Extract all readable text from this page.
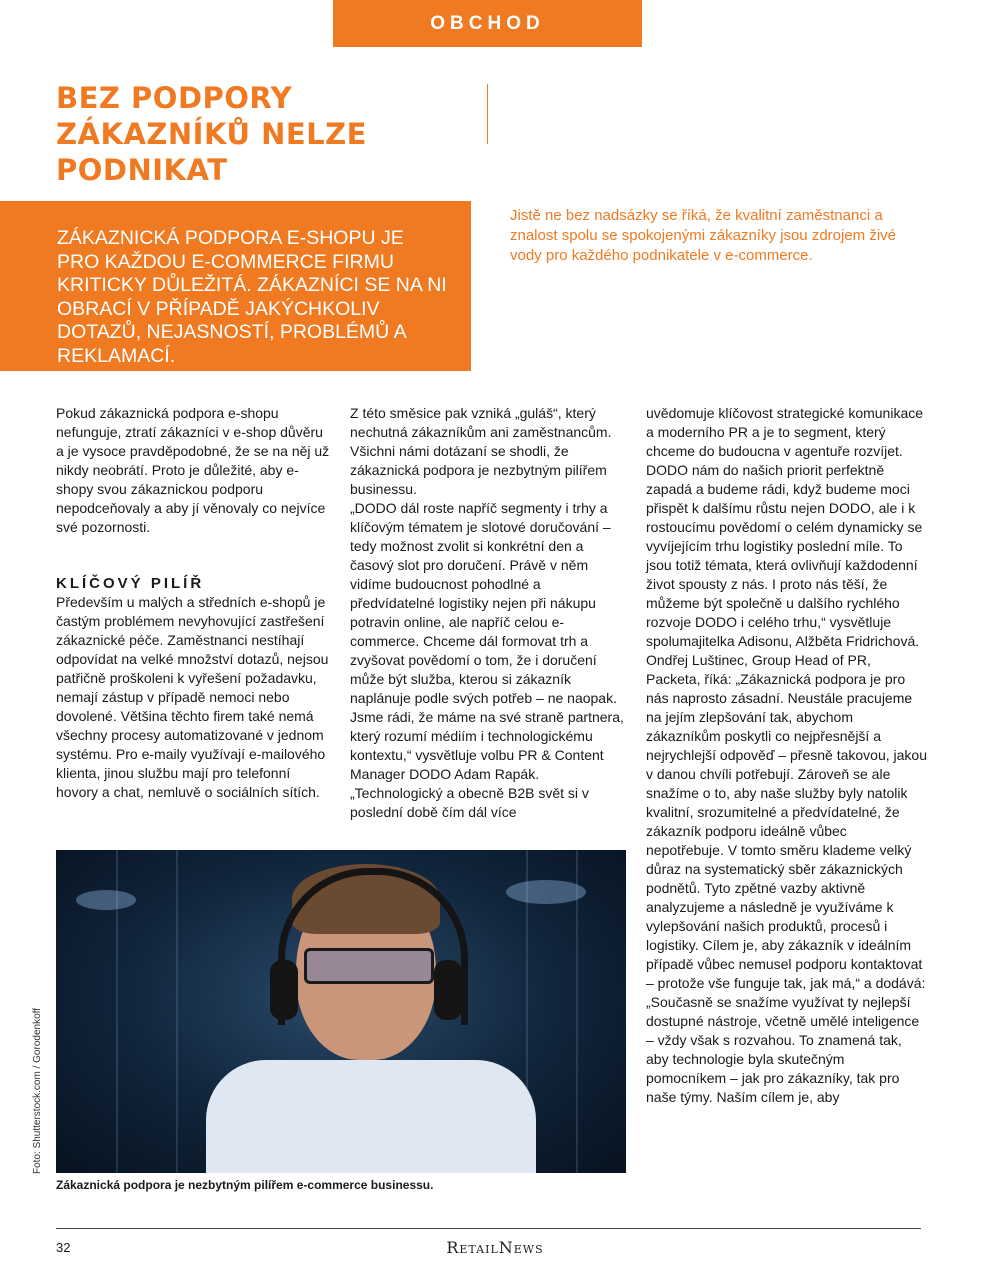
OBCHOD
BEZ PODPORY ZÁKAZNÍKŮ NELZE PODNIKAT

ZÁKAZNICKÁ PODPORA E-SHOPU JE PRO KAŽDOU E-COMMERCE FIRMU KRITICKY DŮLEŽITÁ. ZÁKAZNÍCI SE NA NI OBRACÍ V PŘÍPADĚ JAKÝCHKOLIV DOTAZŮ, NEJASNOSTÍ, PROBLÉMŮ A REKLAMACÍ.

Jistě ne bez nadsázky se říká, že kvalitní zaměstnanci a znalost spolu se spokojenými zákazníky jsou zdrojem živé vody pro každého podnikatele v e-commerce.

Pokud zákaznická podpora e-shopu nefunguje, ztratí zákazníci v e-shop důvěru a je vysoce pravděpodobné, že se na něj už nikdy neobrátí. Proto je důležité, aby e-shopy svou zákaznickou podporu nepodceňovaly a aby jí věnovaly co nejvíce své pozornosti.

KLÍČOVÝ PILÍŘ

Především u malých a středních e-shopů je častým problémem nevyhovující zastřešení zákaznické péče. Zaměstnanci nestíhají odpovídat na velké množství dotazů, nejsou patřičně proškoleni k vyřešení požadavku, nemají zástup v případě nemoci nebo dovolené. Většina těchto firem také nemá všechny procesy automatizované v jednom systému. Pro e-maily využívají e-mailového klienta, jinou službu mají pro telefonní hovory a chat, nemluvě o sociálních sítích.

Z této směsice pak vzniká „guláš“, který nechutná zákazníkům ani zaměstnancům. Všichni námi dotázaní se shodli, že zákaznická podpora je nezbytným pilířem businessu.

„DODO dál roste napříč segmenty i trhy a klíčovým tématem je slotové doručování – tedy možnost zvolit si konkrétní den a časový slot pro doručení. Právě v něm vidíme budoucnost pohodlné a předvídatelné logistiky nejen při nákupu potravin online, ale napříč celou e-commerce. Chceme dál formovat trh a zvyšovat povědomí o tom, že i doručení může být služba, kterou si zákazník naplánuje podle svých potřeb – ne naopak. Jsme rádi, že máme na své straně partnera, který rozumí médiím i technologickému kontextu,“ vysvětluje volbu PR & Content Manager DODO Adam Rapák. „Technologický a obecně B2B svět si v poslední době čím dál více

uvědomuje klíčovost strategické komunikace a moderního PR a je to segment, který chceme do budoucna v agentuře rozvíjet. DODO nám do našich priorit perfektně zapadá a budeme rádi, když budeme moci přispět k dalšímu růstu nejen DODO, ale i k rostoucímu povědomí o celém dynamicky se vyvíjejícím trhu logistiky poslední míle. To jsou totiž témata, která ovlivňují každodenní život spousty z nás. I proto nás těší, že můžeme být společně u dalšího rychlého rozvoje DODO i celého trhu,“ vysvětluje spolumajitelka Adisonu, Alžběta Fridrichová.

Ondřej Luštinec, Group Head of PR, Packeta, říká: „Zákaznická podpora je pro nás naprosto zásadní. Neustále pracujeme na jejím zlepšování tak, abychom zákazníkům poskytli co nejpřesnější a nejrychlejší odpověď – přesně takovou, jakou v danou chvíli potřebují. Zároveň se ale snažíme o to, aby naše služby byly natolik kvalitní, srozumitelné a předvídatelné, že zákazník podporu ideálně vůbec nepotřebuje. V tomto směru klademe velký důraz na systematický sběr zákaznických podnětů. Tyto zpětné vazby aktivně analyzujeme a následně je využíváme k vylepšování našich produktů, procesů i logistiky. Cílem je, aby zákazník v ideálním případě vůbec nemusel podporu kontaktovat – protože vše funguje tak, jak má,“ a dodává: „Současně se snažíme využívat ty nejlepší dostupné nástroje, včetně umělé inteligence – vždy však s rozvahou. To znamená tak, aby technologie byla skutečným pomocníkem – jak pro zákazníky, tak pro naše týmy. Naším cílem je, aby

Foto: Shutterstock.com / Gorodenkoff

Zákaznická podpora je nezbytným pilířem e-commerce businessu.

32	RetailNews
